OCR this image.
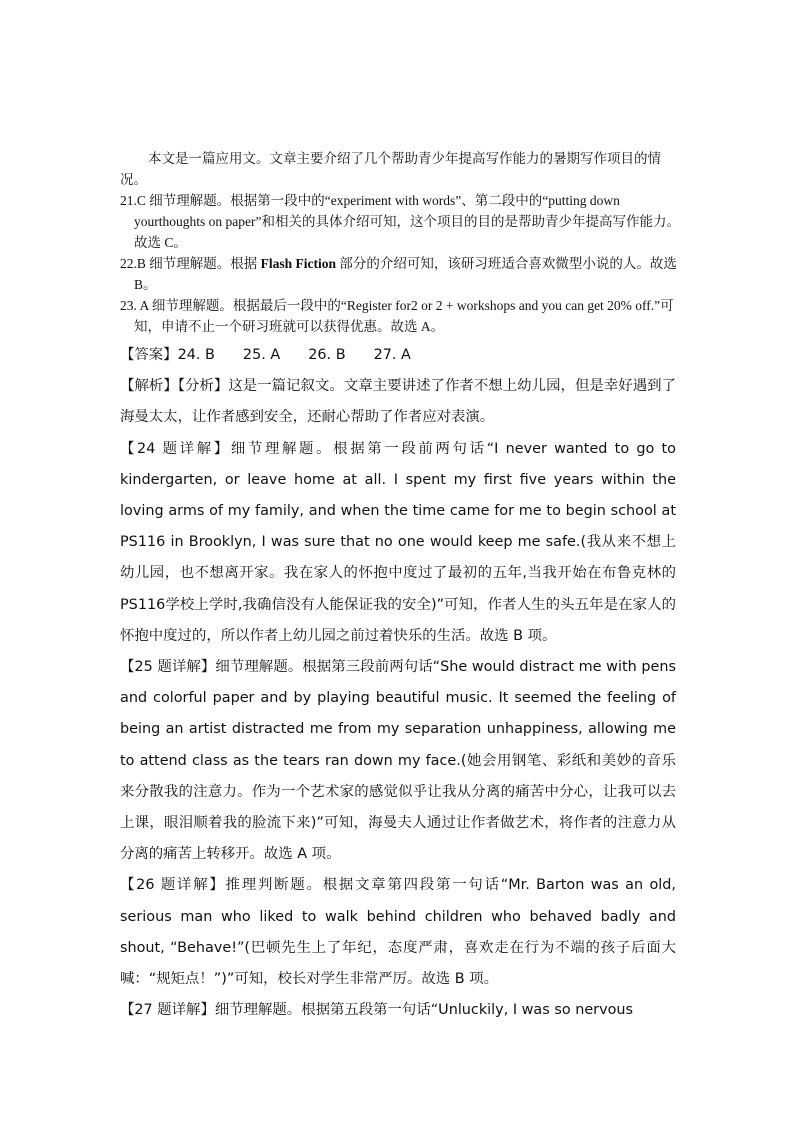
本文是一篇应用文。文章主要介绍了几个帮助青少年提高写作能力的暑期写作项目的情况。

21.C 细节理解题。根据第一段中的“experiment with words”、第二段中的“putting down yourthoughts on paper”和相关的具体介绍可知，这个项目的目的是帮助青少年提高写作能力。故选 C。

22.B 细节理解题。根据 Flash Fiction 部分的介绍可知，该研习班适合喜欢微型小说的人。故选 B。

23. A 细节理解题。根据最后一段中的“Register for2 or 2 + workshops and you can get 20% off.”可知，申请不止一个研习班就可以获得优惠。故选 A。

【答案】24. B 25. A 26. B 27. A

【解析】【分析】这是一篇记叙文。文章主要讲述了作者不想上幼儿园，但是幸好遇到了海曼太太，让作者感到安全，还耐心帮助了作者应对表演。

【24 题详解】细节理解题。根据第一段前两句话“I never wanted to go to kindergarten, or leave home at all. I spent my first five years within the loving arms of my family, and when the time came for me to begin school at PS116 in Brooklyn, I was sure that no one would keep me safe.(我从来不想上幼儿园，也不想离开家。我在家人的怀抱中度过了最初的五年,当我开始在布鲁克林的PS116学校上学时,我确信没有人能保证我的安全)”可知，作者人生的头五年是在家人的怀抱中度过的，所以作者上幼儿园之前过着快乐的生活。故选 B 项。

【25 题详解】细节理解题。根据第三段前两句话“She would distract me with pens and colorful paper and by playing beautiful music. It seemed the feeling of being an artist distracted me from my separation unhappiness, allowing me to attend class as the tears ran down my face.(她会用钢笔、彩纸和美妙的音乐来分散我的注意力。作为一个艺术家的感觉似乎让我从分离的痛苦中分心，让我可以去上课，眼泪顺着我的脸流下来)”可知，海曼夫人通过让作者做艺术，将作者的注意力从分离的痛苦上转移开。故选 A 项。

【26 题详解】推理判断题。根据文章第四段第一句话“Mr. Barton was an old, serious man who liked to walk behind children who behaved badly and shout, “Behave!”(巴顿先生上了年纪，态度严肃，喜欢走在行为不端的孩子后面大喊：“规矩点！”)”可知，校长对学生非常严厉。故选 B 项。

【27 题详解】细节理解题。根据第五段第一句话“Unluckily, I was so nervous
